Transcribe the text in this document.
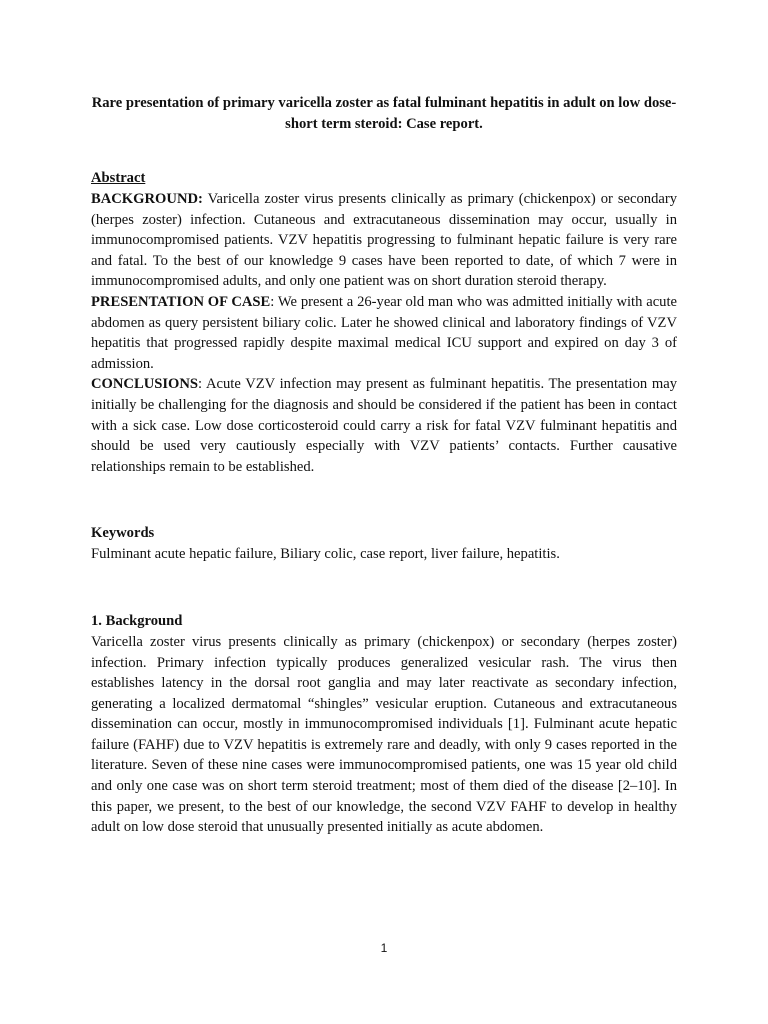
Rare presentation of primary varicella zoster as fatal fulminant hepatitis in adult on low dose-short term steroid: Case report.
Abstract

BACKGROUND: Varicella zoster virus presents clinically as primary (chickenpox) or secondary (herpes zoster) infection. Cutaneous and extracutaneous dissemination may occur, usually in immunocompromised patients. VZV hepatitis progressing to fulminant hepatic failure is very rare and fatal. To the best of our knowledge 9 cases have been reported to date, of which 7 were in immunocompromised adults, and only one patient was on short duration steroid therapy.

PRESENTATION OF CASE: We present a 26-year old man who was admitted initially with acute abdomen as query persistent biliary colic. Later he showed clinical and laboratory findings of VZV hepatitis that progressed rapidly despite maximal medical ICU support and expired on day 3 of admission.

CONCLUSIONS: Acute VZV infection may present as fulminant hepatitis. The presentation may initially be challenging for the diagnosis and should be considered if the patient has been in contact with a sick case. Low dose corticosteroid could carry a risk for fatal VZV fulminant hepatitis and should be used very cautiously especially with VZV patients’ contacts. Further causative relationships remain to be established.

Keywords

Fulminant acute hepatic failure, Biliary colic, case report, liver failure, hepatitis.

1. Background

Varicella zoster virus presents clinically as primary (chickenpox) or secondary (herpes zoster) infection. Primary infection typically produces generalized vesicular rash. The virus then establishes latency in the dorsal root ganglia and may later reactivate as secondary infection, generating a localized dermatomal “shingles” vesicular eruption. Cutaneous and extracutaneous dissemination can occur, mostly in immunocompromised individuals [1]. Fulminant acute hepatic failure (FAHF) due to VZV hepatitis is extremely rare and deadly, with only 9 cases reported in the literature. Seven of these nine cases were immunocompromised patients, one was 15 year old child and only one case was on short term steroid treatment; most of them died of the disease [2–10]. In this paper, we present, to the best of our knowledge, the second VZV FAHF to develop in healthy adult on low dose steroid that unusually presented initially as acute abdomen.

1
